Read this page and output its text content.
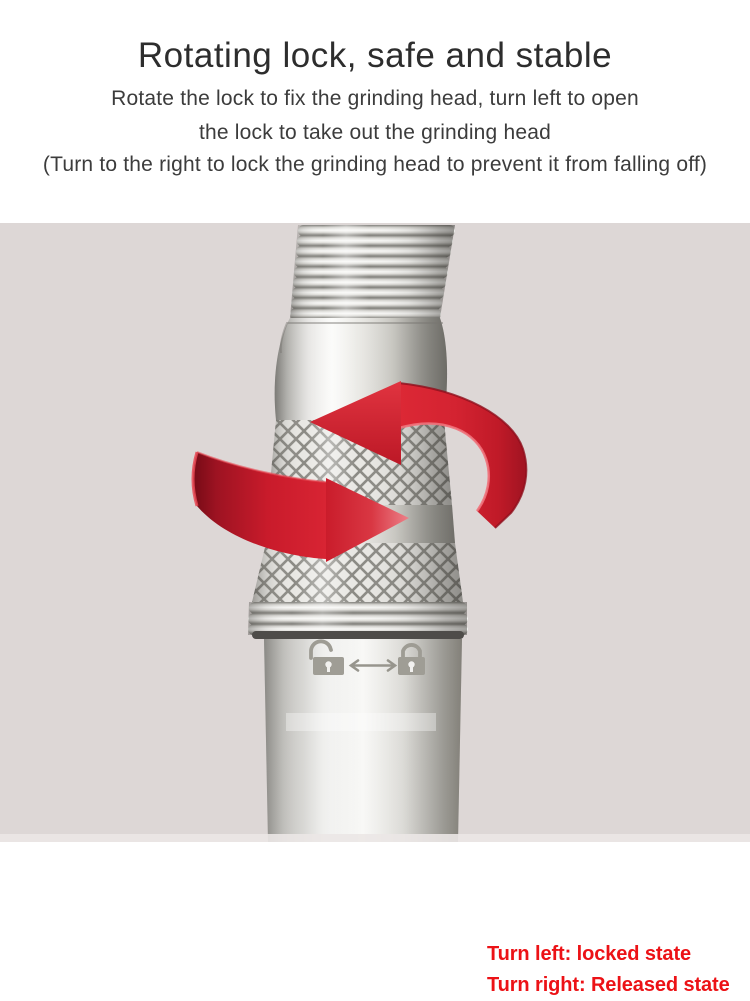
Rotating lock, safe and stable

Rotate the lock to fix the grinding head, turn left to open

the lock to take out the grinding head

(Turn to the right to lock the grinding head to prevent it from falling off)

Turn left: locked state
Turn right: Released state
